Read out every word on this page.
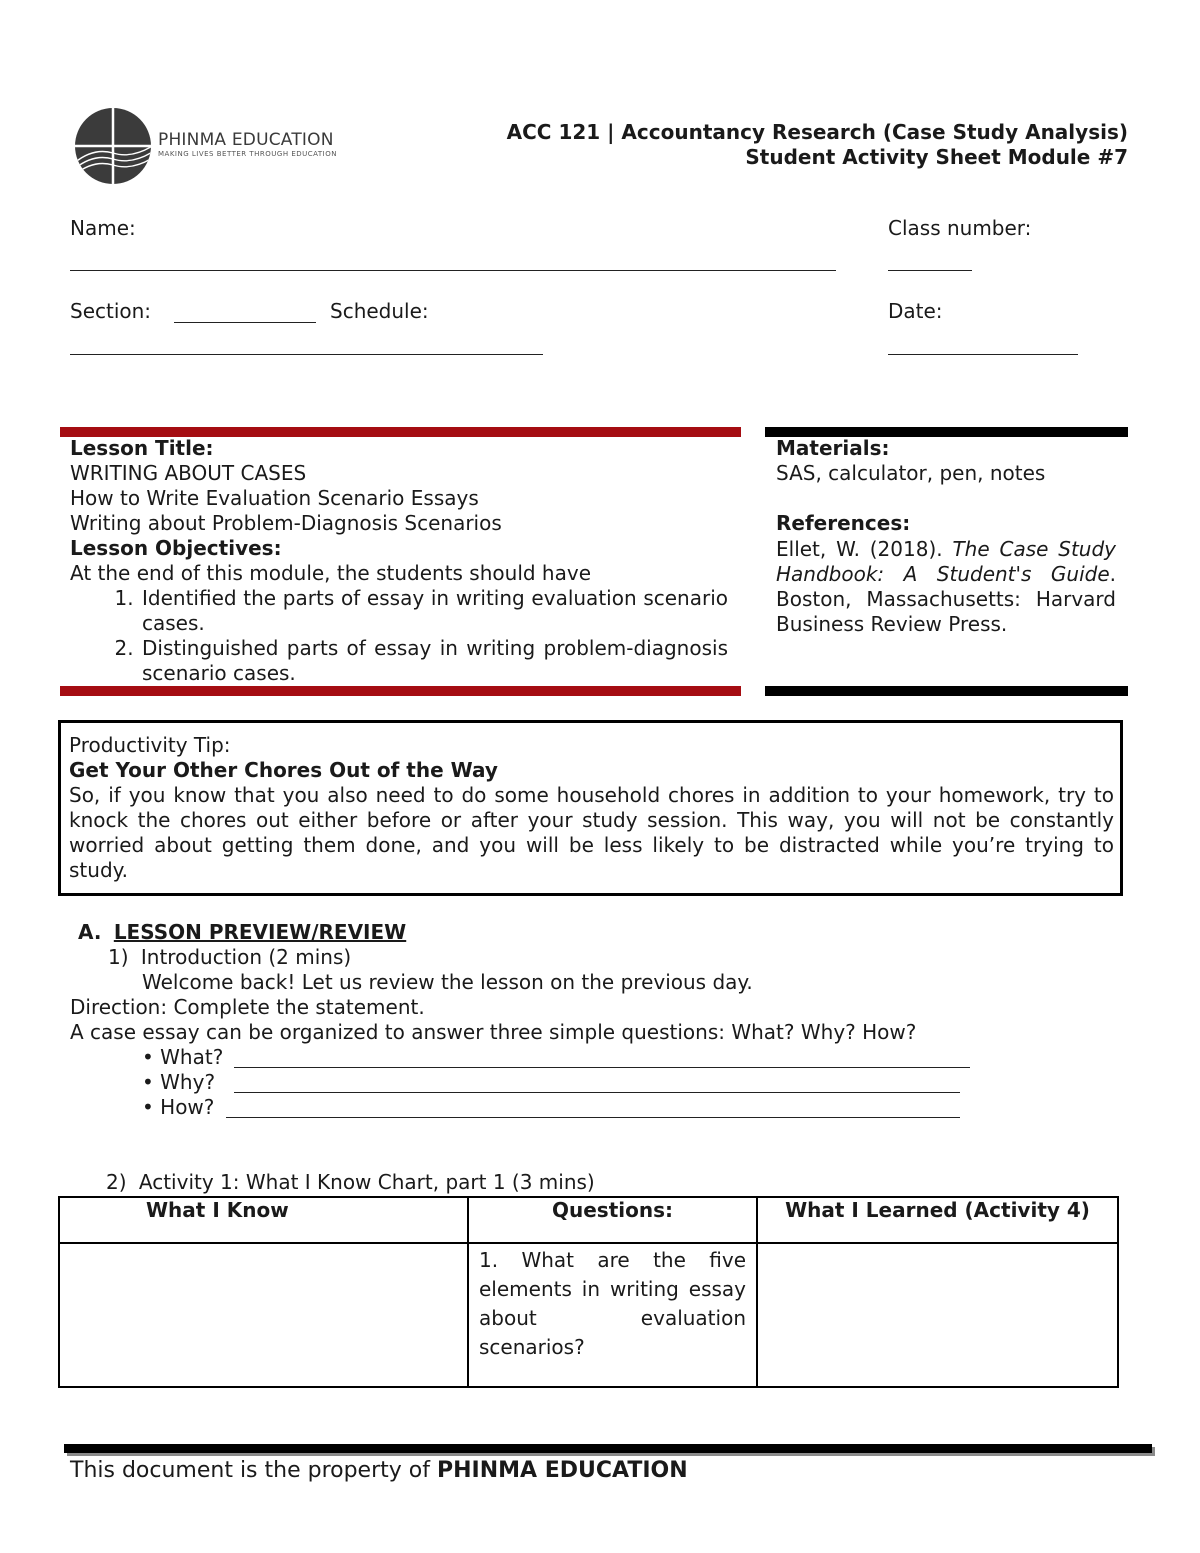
PHINMA EDUCATION
MAKING LIVES BETTER THROUGH EDUCATION
ACC 121 | Accountancy Research (Case Study Analysis)
Student Activity Sheet Module #7
Name:	Class number:
Section:	Schedule:	Date:
Lesson Title:
WRITING ABOUT CASES
How to Write Evaluation Scenario Essays
Writing about Problem-Diagnosis Scenarios
Lesson Objectives:
At the end of this module, the students should have
1. Identified the parts of essay in writing evaluation scenario cases.
2. Distinguished parts of essay in writing problem-diagnosis scenario cases.
Materials:
SAS, calculator, pen, notes
References:
Ellet, W. (2018). The Case Study Handbook: A Student's Guide. Boston, Massachusetts: Harvard Business Review Press.
Productivity Tip:
Get Your Other Chores Out of the Way
So, if you know that you also need to do some household chores in addition to your homework, try to knock the chores out either before or after your study session. This way, you will not be constantly worried about getting them done, and you will be less likely to be distracted while you’re trying to study.
A. LESSON PREVIEW/REVIEW
1) Introduction (2 mins)
Welcome back! Let us review the lesson on the previous day.
Direction: Complete the statement.
A case essay can be organized to answer three simple questions: What? Why? How?
• What?
• Why?
• How?
2) Activity 1: What I Know Chart, part 1 (3 mins)
What I Know	Questions:	What I Learned (Activity 4)
	1. What are the five elements in writing essay about evaluation scenarios?	
This document is the property of PHINMA EDUCATION
